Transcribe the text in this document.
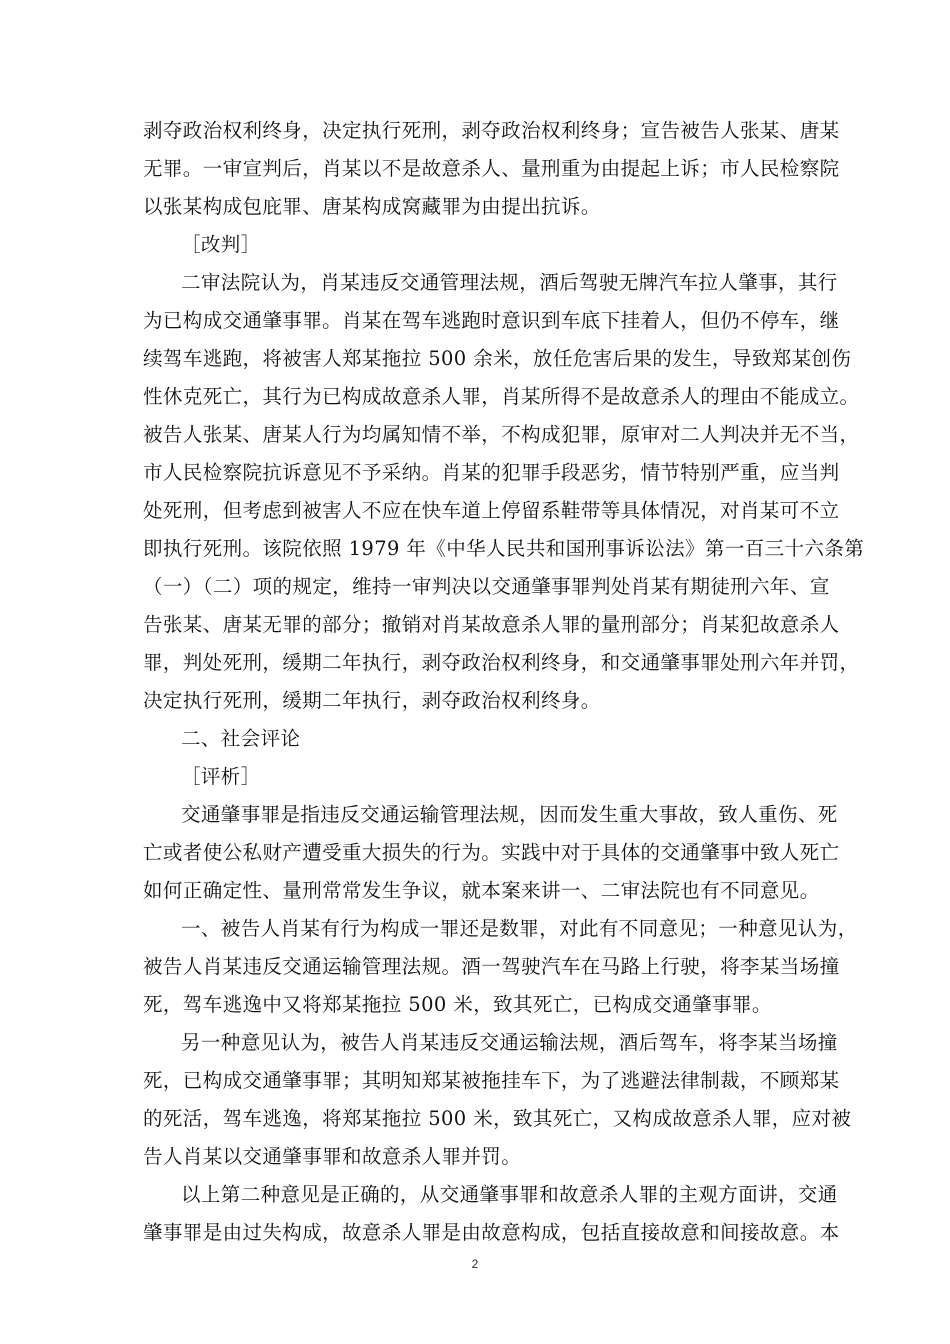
剥夺政治权利终身，决定执行死刑，剥夺政治权利终身；宣告被告人张某、唐某
无罪。一审宣判后，肖某以不是故意杀人、量刑重为由提起上诉；市人民检察院
以张某构成包庇罪、唐某构成窝藏罪为由提出抗诉。
［改判］
二审法院认为，肖某违反交通管理法规，酒后驾驶无牌汽车拉人肇事，其行
为已构成交通肇事罪。肖某在驾车逃跑时意识到车底下挂着人，但仍不停车，继
续驾车逃跑，将被害人郑某拖拉 500 余米，放任危害后果的发生，导致郑某创伤
性休克死亡，其行为已构成故意杀人罪，肖某所得不是故意杀人的理由不能成立。
被告人张某、唐某人行为均属知情不举，不构成犯罪，原审对二人判决并无不当，
市人民检察院抗诉意见不予采纳。肖某的犯罪手段恶劣，情节特别严重，应当判
处死刑，但考虑到被害人不应在快车道上停留系鞋带等具体情况，对肖某可不立
即执行死刑。该院依照 1979 年《中华人民共和国刑事诉讼法》第一百三十六条第
（一）（二）项的规定，维持一审判决以交通肇事罪判处肖某有期徒刑六年、宣
告张某、唐某无罪的部分；撤销对肖某故意杀人罪的量刑部分；肖某犯故意杀人
罪，判处死刑，缓期二年执行，剥夺政治权利终身，和交通肇事罪处刑六年并罚，
决定执行死刑，缓期二年执行，剥夺政治权利终身。
二、社会评论
［评析］
交通肇事罪是指违反交通运输管理法规，因而发生重大事故，致人重伤、死
亡或者使公私财产遭受重大损失的行为。实践中对于具体的交通肇事中致人死亡
如何正确定性、量刑常常发生争议，就本案来讲一、二审法院也有不同意见。
一、被告人肖某有行为构成一罪还是数罪，对此有不同意见；一种意见认为，
被告人肖某违反交通运输管理法规。酒一驾驶汽车在马路上行驶，将李某当场撞
死，驾车逃逸中又将郑某拖拉 500 米，致其死亡，已构成交通肇事罪。
另一种意见认为，被告人肖某违反交通运输法规，酒后驾车，将李某当场撞
死，已构成交通肇事罪；其明知郑某被拖挂车下，为了逃避法律制裁，不顾郑某
的死活，驾车逃逸，将郑某拖拉 500 米，致其死亡，又构成故意杀人罪，应对被
告人肖某以交通肇事罪和故意杀人罪并罚。
以上第二种意见是正确的，从交通肇事罪和故意杀人罪的主观方面讲，交通
肇事罪是由过失构成，故意杀人罪是由故意构成，包括直接故意和间接故意。本
2
